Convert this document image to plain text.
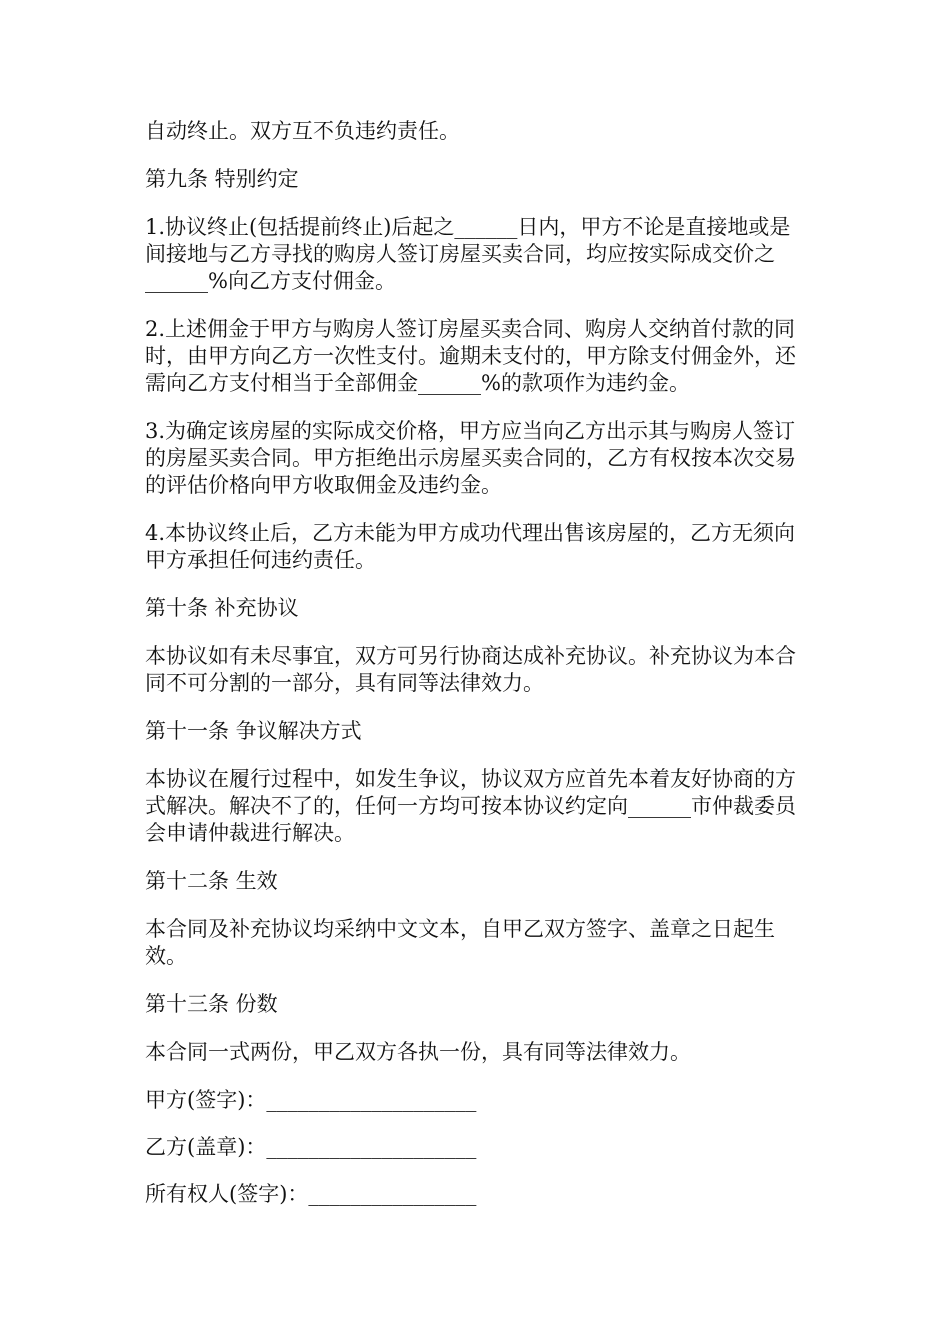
自动终止。双方互不负违约责任。

第九条 特别约定

1.协议终止(包括提前终止)后起之______日内，甲方不论是直接地或是间接地与乙方寻找的购房人签订房屋买卖合同，均应按实际成交价之______%向乙方支付佣金。

2.上述佣金于甲方与购房人签订房屋买卖合同、购房人交纳首付款的同时，由甲方向乙方一次性支付。逾期未支付的，甲方除支付佣金外，还需向乙方支付相当于全部佣金______%的款项作为违约金。

3.为确定该房屋的实际成交价格，甲方应当向乙方出示其与购房人签订的房屋买卖合同。甲方拒绝出示房屋买卖合同的，乙方有权按本次交易的评估价格向甲方收取佣金及违约金。

4.本协议终止后，乙方未能为甲方成功代理出售该房屋的，乙方无须向甲方承担任何违约责任。

第十条 补充协议

本协议如有未尽事宜，双方可另行协商达成补充协议。补充协议为本合同不可分割的一部分，具有同等法律效力。

第十一条 争议解决方式

本协议在履行过程中，如发生争议，协议双方应首先本着友好协商的方式解决。解决不了的，任何一方均可按本协议约定向______市仲裁委员会申请仲裁进行解决。

第十二条 生效

本合同及补充协议均采纳中文文本，自甲乙双方签字、盖章之日起生效。

第十三条 份数

本合同一式两份，甲乙双方各执一份，具有同等法律效力。

甲方(签字)：____________________

乙方(盖章)：____________________

所有权人(签字)：________________
